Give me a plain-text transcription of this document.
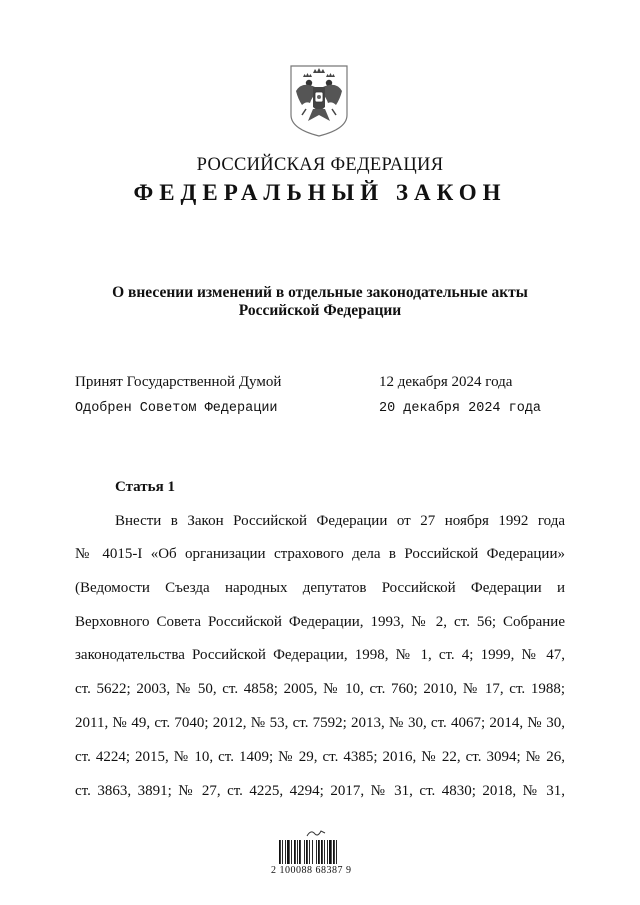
РОССИЙСКАЯ ФЕДЕРАЦИЯ
ФЕДЕРАЛЬНЫЙ ЗАКОН
О внесении изменений в отдельные законодательные акты
Российской Федерации
Принят Государственной Думой	12 декабря 2024 года
Одобрен Советом Федерации	20 декабря 2024 года
Статья 1
Внести в Закон Российской Федерации от 27 ноября 1992 года
№ 4015-I «Об организации страхового дела в Российской Федерации»
(Ведомости Съезда народных депутатов Российской Федерации и
Верховного Совета Российской Федерации, 1993, № 2, ст. 56; Собрание
законодательства Российской Федерации, 1998, № 1, ст. 4; 1999, № 47,
ст. 5622; 2003, № 50, ст. 4858; 2005, № 10, ст. 760; 2010, № 17, ст. 1988;
2011, № 49, ст. 7040; 2012, № 53, ст. 7592; 2013, № 30, ст. 4067; 2014, № 30,
ст. 4224; 2015, № 10, ст. 1409; № 29, ст. 4385; 2016, № 22, ст. 3094; № 26,
ст. 3863, 3891; № 27, ст. 4225, 4294; 2017, № 31, ст. 4830; 2018, № 31,
2 100088 68387 9
